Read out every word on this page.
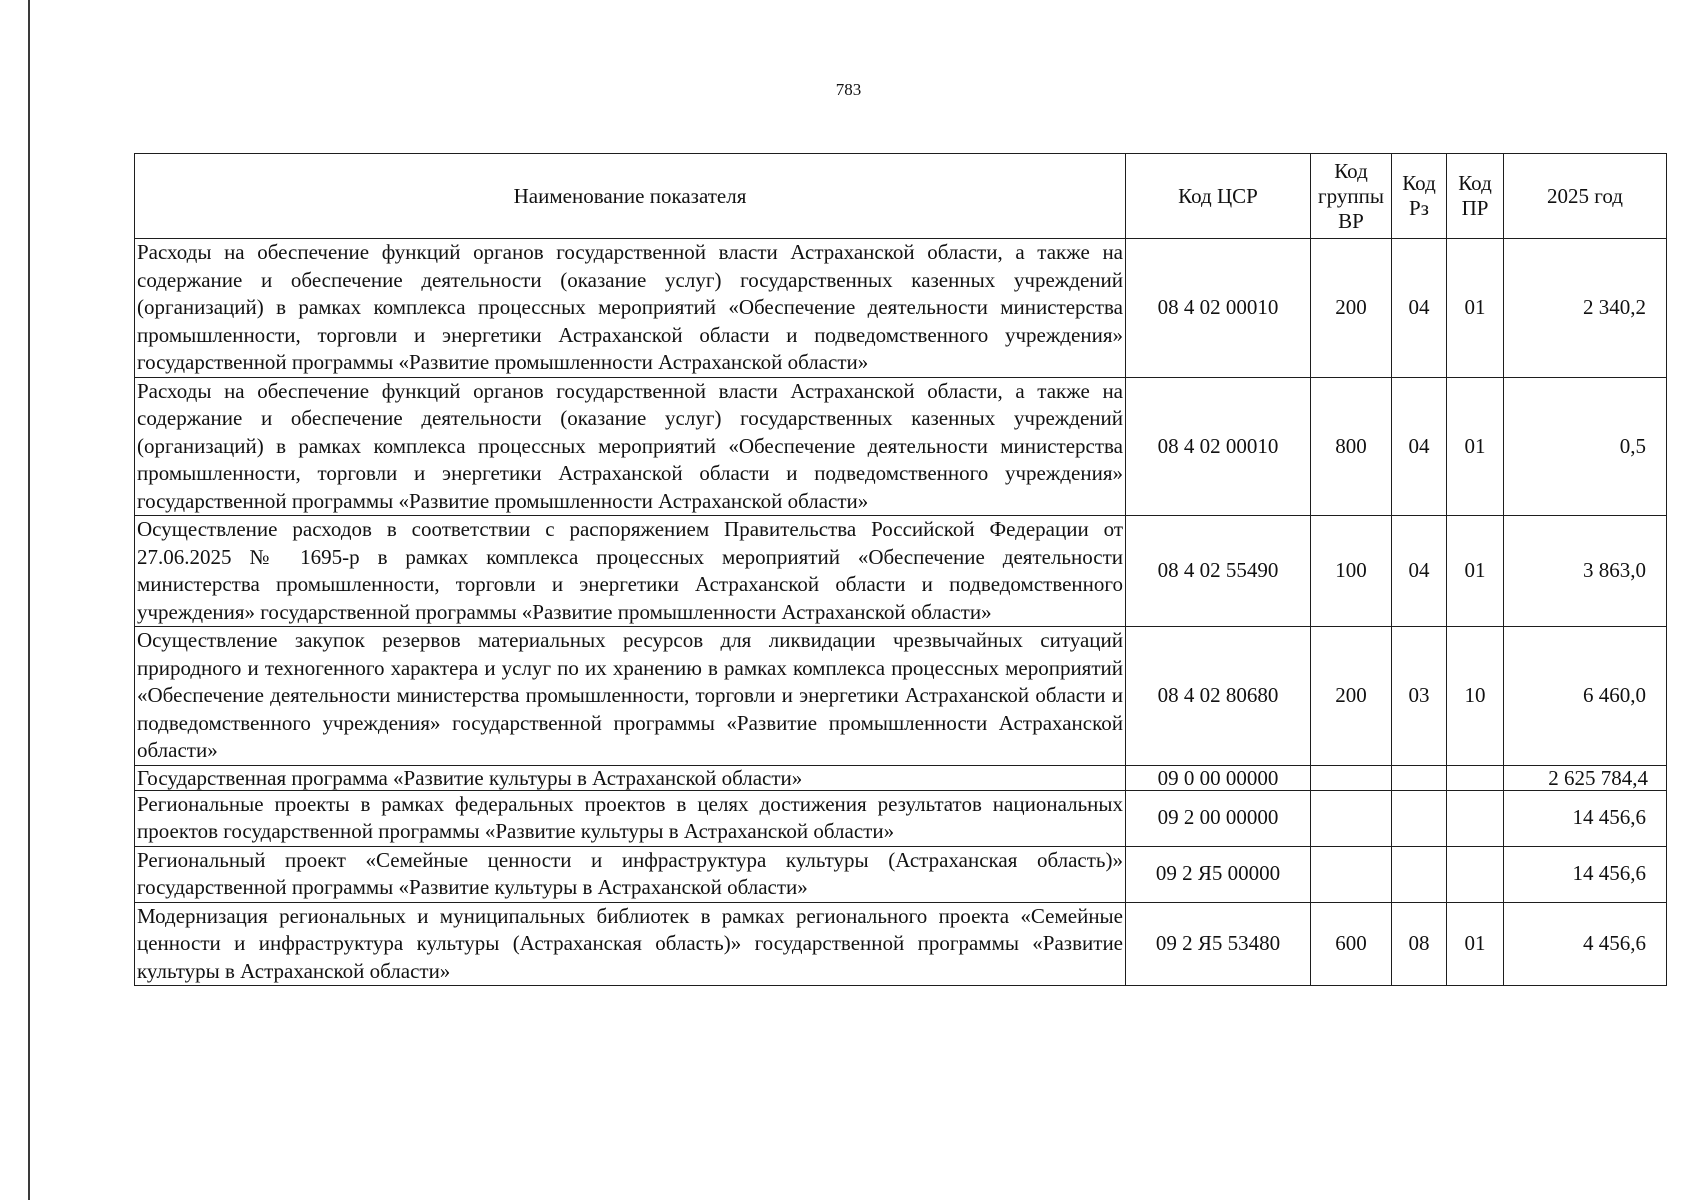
783
Наименование показателя	Код ЦСР	Код группы ВР	Код Рз	Код ПР	2025 год
Расходы на обеспечение функций органов государственной власти Астраханской области, а также на содержание и обеспечение деятельности (оказание услуг) государственных казенных учреждений (организаций) в рамках комплекса процессных мероприятий «Обеспечение деятельности министерства промышленности, торговли и энергетики Астраханской области и подведомственного учреждения» государственной программы «Развитие промышленности Астраханской области»	08 4 02 00010	200	04	01	2 340,2
Расходы на обеспечение функций органов государственной власти Астраханской области, а также на содержание и обеспечение деятельности (оказание услуг) государственных казенных учреждений (организаций) в рамках комплекса процессных мероприятий «Обеспечение деятельности министерства промышленности, торговли и энергетики Астраханской области и подведомственного учреждения» государственной программы «Развитие промышленности Астраханской области»	08 4 02 00010	800	04	01	0,5
Осуществление расходов в соответствии с распоряжением Правительства Российской Федерации от 27.06.2025 № 1695-р в рамках комплекса процессных мероприятий «Обеспечение деятельности министерства промышленности, торговли и энергетики Астраханской области и подведомственного учреждения» государственной программы «Развитие промышленности Астраханской области»	08 4 02 55490	100	04	01	3 863,0
Осуществление закупок резервов материальных ресурсов для ликвидации чрезвычайных ситуаций природного и техногенного характера и услуг по их хранению в рамках комплекса процессных мероприятий «Обеспечение деятельности министерства промышленности, торговли и энергетики Астраханской области и подведомственного учреждения» государственной программы «Развитие промышленности Астраханской области»	08 4 02 80680	200	03	10	6 460,0
Государственная программа «Развитие культуры в Астраханской области»	09 0 00 00000				2 625 784,4
Региональные проекты в рамках федеральных проектов в целях достижения результатов национальных проектов государственной программы «Развитие культуры в Астраханской области»	09 2 00 00000				14 456,6
Региональный проект «Семейные ценности и инфраструктура культуры (Астраханская область)» государственной программы «Развитие культуры в Астраханской области»	09 2 Я5 00000				14 456,6
Модернизация региональных и муниципальных библиотек в рамках регионального проекта «Семейные ценности и инфраструктура культуры (Астраханская область)» государственной программы «Развитие культуры в Астраханской области»	09 2 Я5 53480	600	08	01	4 456,6
